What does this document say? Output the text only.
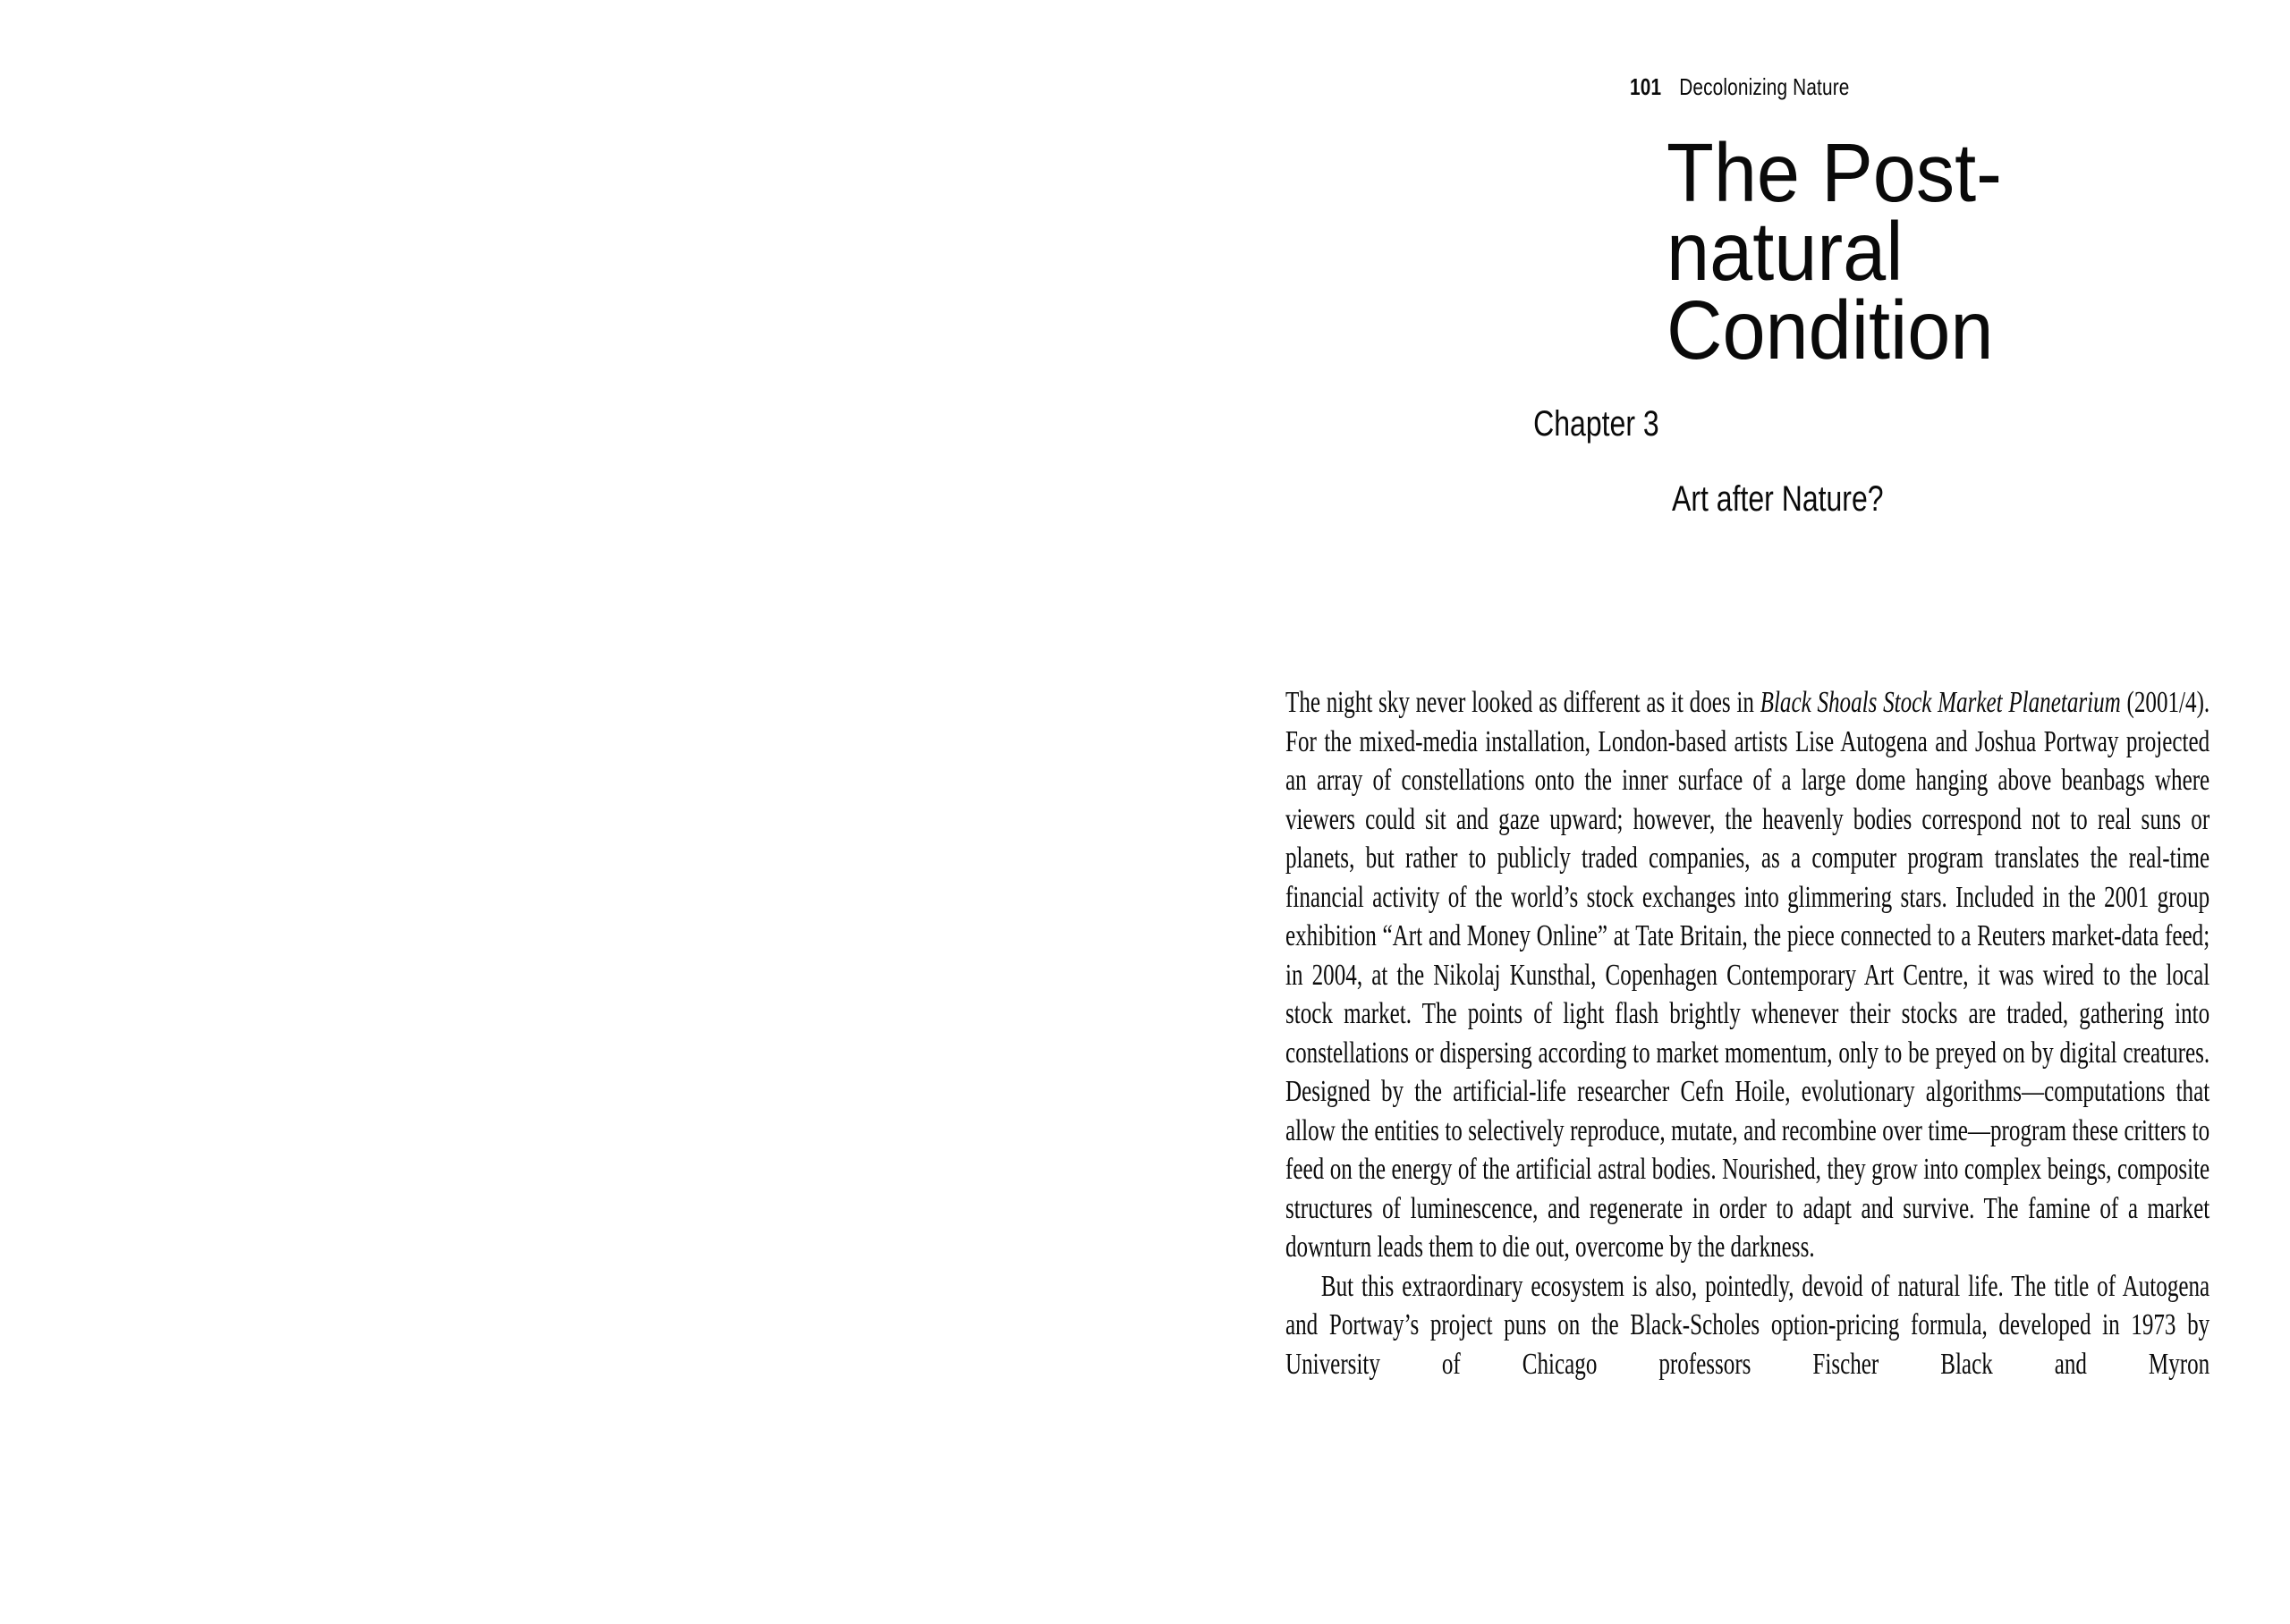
101 Decolonizing Nature
The Post-
natural
Condition
Chapter 3
Art after Nature?

The night sky never looked as different as it does in Black Shoals Stock Market Planetarium (2001/4). For the mixed-media installation, London-based artists Lise Autogena and Joshua Portway projected an array of constellations onto the inner surface of a large dome hanging above beanbags where viewers could sit and gaze upward; however, the heavenly bodies correspond not to real suns or planets, but rather to publicly traded companies, as a computer program translates the real-time financial activity of the world’s stock exchanges into glimmering stars. Included in the 2001 group exhibition “Art and Money Online” at Tate Britain, the piece connected to a Reuters market-data feed; in 2004, at the Nikolaj Kunsthal, Copenhagen Contemporary Art Centre, it was wired to the local stock market. The points of light flash brightly whenever their stocks are traded, gathering into constellations or dispersing according to market momentum, only to be preyed on by digital creatures. Designed by the artificial-life researcher Cefn Hoile, evolutionary algorithms—computations that allow the entities to selectively reproduce, mutate, and recombine over time—program these critters to feed on the energy of the artificial astral bodies. Nourished, they grow into complex beings, composite structures of luminescence, and regenerate in order to adapt and survive. The famine of a market downturn leads them to die out, overcome by the darkness.

But this extraordinary ecosystem is also, pointedly, devoid of natural life. The title of Autogena and Portway’s project puns on the Black-Scholes option-pricing formula, developed in 1973 by University of Chicago professors Fischer Black and Myron
